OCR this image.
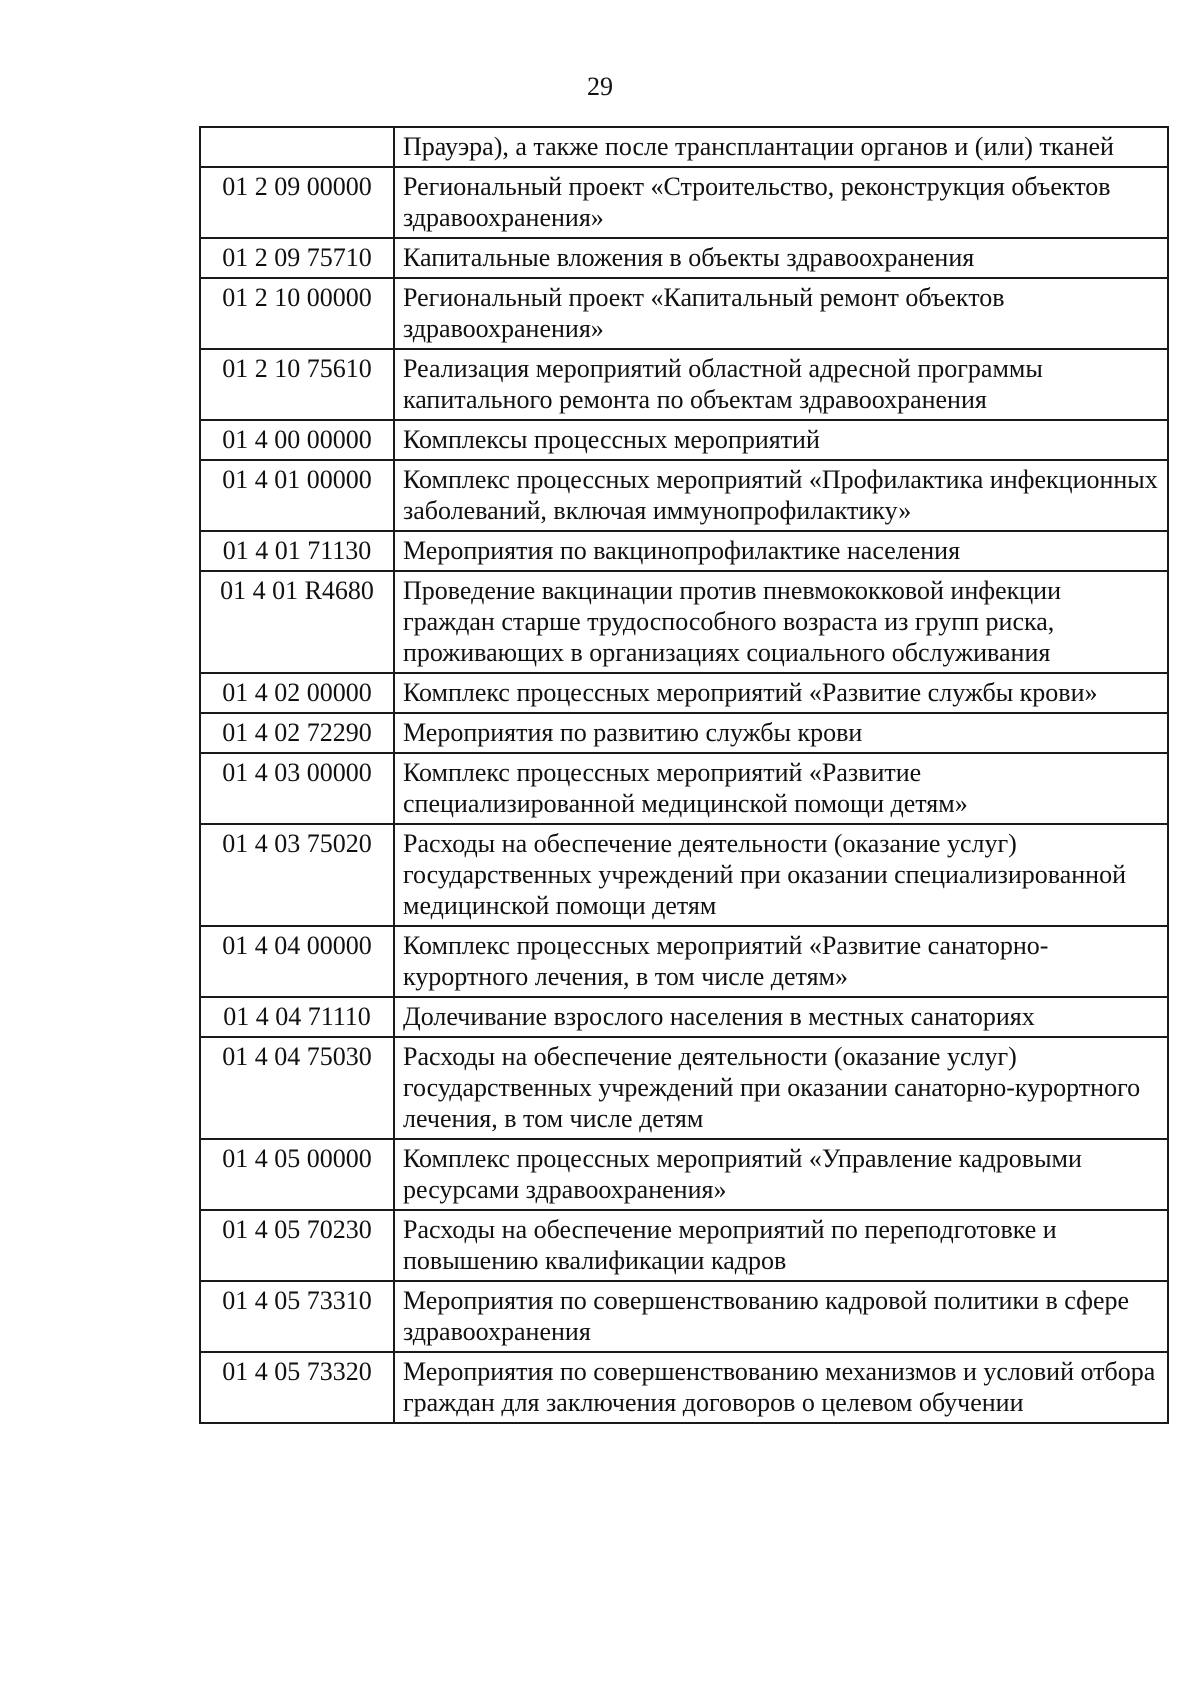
29
	Прауэра), а также после трансплантации органов и (или) тканей
01 2 09 00000	Региональный проект «Строительство, реконструкция объектов здравоохранения»
01 2 09 75710	Капитальные вложения в объекты здравоохранения
01 2 10 00000	Региональный проект «Капитальный ремонт объектов здравоохранения»
01 2 10 75610	Реализация мероприятий областной адресной программы капитального ремонта по объектам здравоохранения
01 4 00 00000	Комплексы процессных мероприятий
01 4 01 00000	Комплекс процессных мероприятий «Профилактика инфекционных заболеваний, включая иммунопрофилактику»
01 4 01 71130	Мероприятия по вакцинопрофилактике населения
01 4 01 R4680	Проведение вакцинации против пневмококковой инфекции граждан старше трудоспособного возраста из групп риска, проживающих в организациях социального обслуживания
01 4 02 00000	Комплекс процессных мероприятий «Развитие службы крови»
01 4 02 72290	Мероприятия по развитию службы крови
01 4 03 00000	Комплекс процессных мероприятий «Развитие специализированной медицинской помощи детям»
01 4 03 75020	Расходы на обеспечение деятельности (оказание услуг) государственных учреждений при оказании специализированной медицинской помощи детям
01 4 04 00000	Комплекс процессных мероприятий «Развитие санаторно-курортного лечения, в том числе детям»
01 4 04 71110	Долечивание взрослого населения в местных санаториях
01 4 04 75030	Расходы на обеспечение деятельности (оказание услуг) государственных учреждений при оказании санаторно-курортного лечения, в том числе детям
01 4 05 00000	Комплекс процессных мероприятий «Управление кадровыми ресурсами здравоохранения»
01 4 05 70230	Расходы на обеспечение мероприятий по переподготовке и повышению квалификации кадров
01 4 05 73310	Мероприятия по совершенствованию кадровой политики в сфере здравоохранения
01 4 05 73320	Мероприятия по совершенствованию механизмов и условий отбора граждан для заключения договоров о целевом обучении
